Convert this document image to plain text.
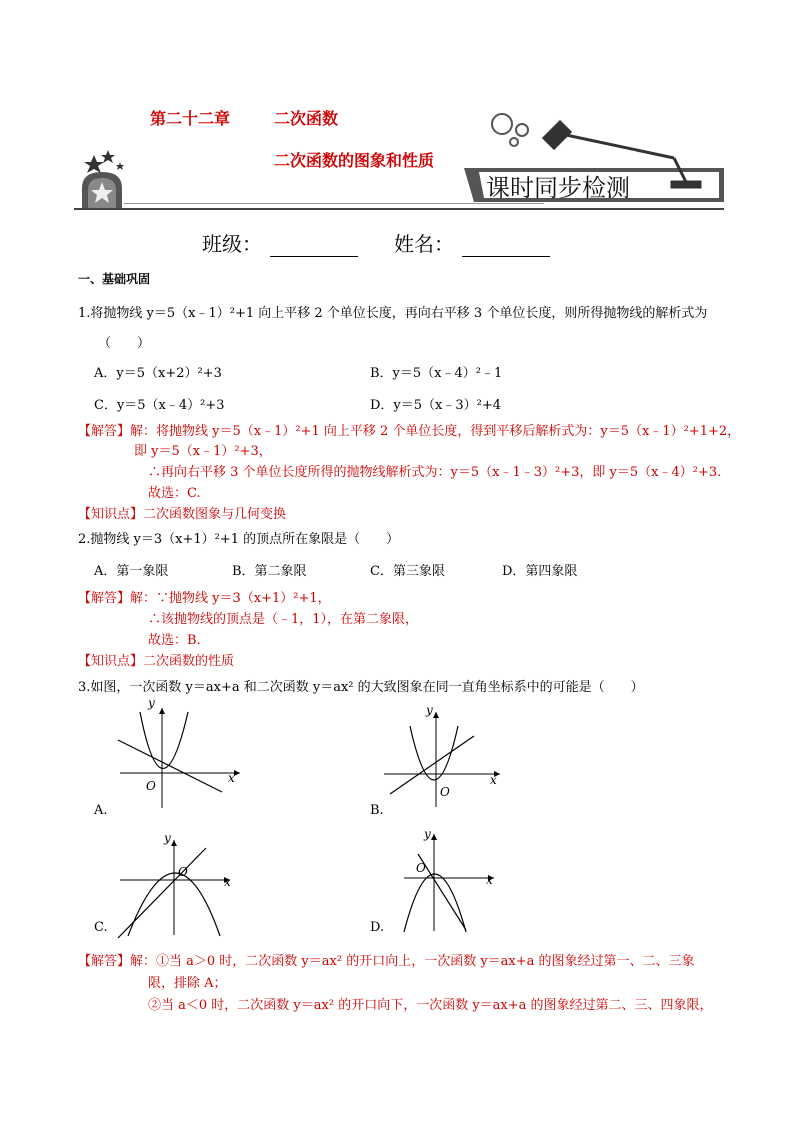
第二十二章	二次函数
二次函数的图象和性质
课时同步检测
班级：	姓名：
一、基础巩固
1.将抛物线 y＝5（x﹣1）²+1 向上平移 2 个单位长度，再向右平移 3 个单位长度，则所得抛物线的解析式为
（　　）
A．y＝5（x+2）²+3	B．y＝5（x﹣4）²﹣1
C．y＝5（x﹣4）²+3	D．y＝5（x﹣3）²+4
【解答】解：将抛物线 y＝5（x﹣1）²+1 向上平移 2 个单位长度，得到平移后解析式为：y＝5（x﹣1）²+1+2，
即 y＝5（x﹣1）²+3，
∴再向右平移 3 个单位长度所得的抛物线解析式为：y＝5（x﹣1﹣3）²+3，即 y＝5（x﹣4）²+3.
故选：C.
【知识点】二次函数图象与几何变换
2.抛物线 y＝3（x+1）²+1 的顶点所在象限是（　　）
A．第一象限	B．第二象限	C．第三象限	D．第四象限
【解答】解：∵抛物线 y＝3（x+1）²+1，
∴该抛物线的顶点是（﹣1，1），在第二象限，
故选：B.
【知识点】二次函数的性质
3.如图，一次函数 y＝ax+a 和二次函数 y＝ax² 的大致图象在同一直角坐标系中的可能是（　　）
y
x
O
A.
y
x
O
B.
y
x
O
C.
y
x
O
D.
【解答】解：①当 a＞0 时，二次函数 y＝ax² 的开口向上，一次函数 y＝ax+a 的图象经过第一、二、三象
限，排除 A；
②当 a＜0 时，二次函数 y＝ax² 的开口向下，一次函数 y＝ax+a 的图象经过第二、三、四象限，
